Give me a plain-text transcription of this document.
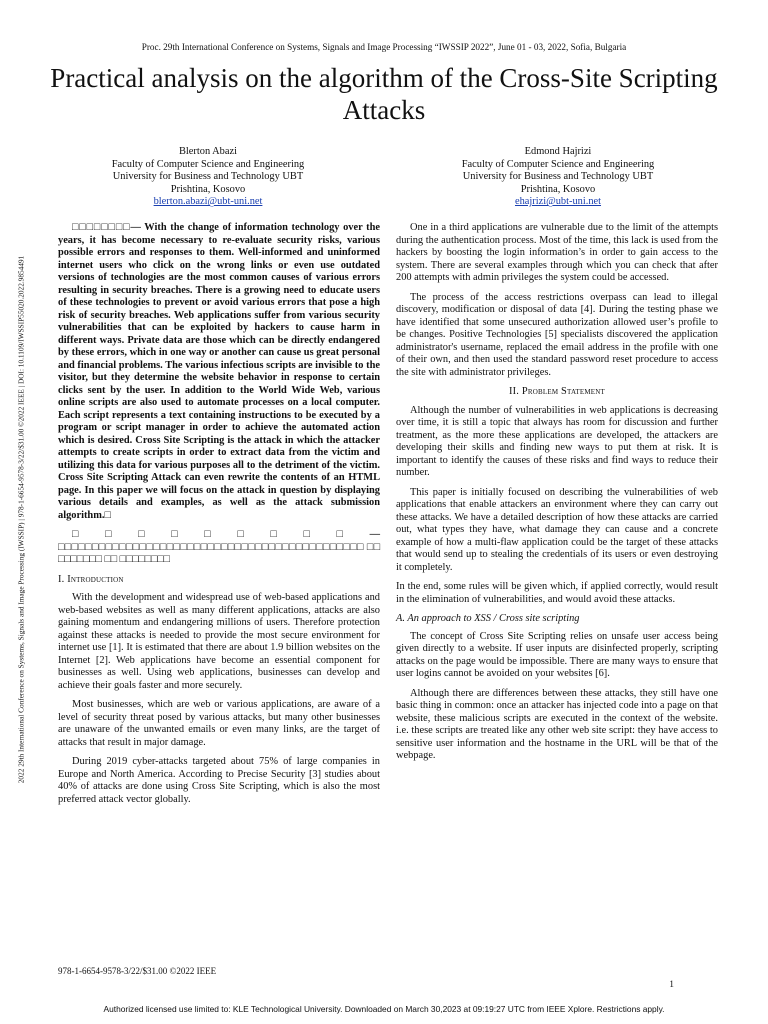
Proc. 29th International Conference on Systems, Signals and Image Processing “IWSSIP 2022”, June 01 - 03, 2022, Sofia, Bulgaria
Practical analysis on the algorithm of the Cross-Site Scripting Attacks
Blerton Abazi
Faculty of Computer Science and Engineering
University for Business and Technology UBT
Prishtina, Kosovo
blerton.abazi@ubt-uni.net
Edmond Hajrizi
Faculty of Computer Science and Engineering
University for Business and Technology UBT
Prishtina, Kosovo
ehajrizi@ubt-uni.net
2022 29th International Conference on Systems, Signals and Image Processing (IWSSIP) | 978-1-6654-9578-3/22/$31.00 ©2022 IEEE | DOI: 10.1109/IWSSIP55020.2022.9854491

□□□□□□□□— With the change of information technology over the years, it has become necessary to re-evaluate security risks, various possible errors and responses to them. Well-informed and uninformed internet users who click on the wrong links or even use outdated versions of technologies are the most common causes of various errors resulting in security breaches. There is a growing need to educate users of these technologies to prevent or avoid various errors that pose a high risk of security breaches. Web applications suffer from various security vulnerabilities that can be exploited by hackers to cause harm in different ways. Private data are those which can be directly endangered by these errors, which in one way or another can cause us great personal and financial problems. The various infectious scripts are invisible to the visitor, but they determine the website behavior in response to certain clicks sent by the user. In addition to the World Wide Web, various online scripts are also used to automate processes on a local computer. Each script represents a text containing instructions to be executed by a program or script manager in order to achieve the automated action which is desired. Cross Site Scripting is the attack in which the attacker attempts to create scripts in order to extract data from the victim and utilizing this data for various purposes all to the detriment of the victim. Cross Site Scripting Attack can even rewrite the contents of an HTML page. In this paper we will focus on the attack in question by displaying various details and examples, as well as the attack submission algorithm.□

□□□□□□□□□—□□□□□□□□□□□□□□□□□□□□□□□□□□□□□□□□□□□□□□□□□□□□□ □□ □□□□□□□ □□ □□□□□□□□

I. Introduction

With the development and widespread use of web-based applications and web-based websites as well as many different applications, attacks are also gaining momentum and endangering millions of users. Therefore protection against these attacks is needed to provide the most secure environment for internet use [1]. It is estimated that there are about 1.9 billion websites on the Internet [2]. Web applications have become an essential component for businesses as well. Using web applications, businesses can develop and achieve their goals faster and more securely.

Most businesses, which are web or various applications, are aware of a level of security threat posed by various attacks, but many other businesses are unaware of the unwanted emails or even many links, are the target of attacks that result in major damage.

During 2019 cyber-attacks targeted about 75% of large companies in Europe and North America. According to Precise Security [3] studies about 40% of attacks are done using Cross Site Scripting, which is also the most preferred attack vector globally.

One in a third applications are vulnerable due to the limit of the attempts during the authentication process. Most of the time, this lack is used from the hackers by boosting the login information’s in order to gain access to the system. There are several examples through which you can check that after 200 attempts with admin privileges the system could be accessed.

The process of the access restrictions overpass can lead to illegal discovery, modification or disposal of data [4]. During the testing phase we have identified that some unsecured authorization allowed user’s profile to be changes. Positive Technologies [5] specialists discovered the application administrator's username, replaced the email address in the profile with one of their own, and then used the standard password reset procedure to access the site with administrator privileges.

II. Problem Statement

Although the number of vulnerabilities in web applications is decreasing over time, it is still a topic that always has room for discussion and further treatment, as the more these applications are developed, the attackers are developing their skills and finding new ways to put them at risk. It is important to identify the causes of these risks and find ways to reduce their number.

This paper is initially focused on describing the vulnerabilities of web applications that enable attackers an environment where they can carry out these attacks. We have a detailed description of how these attacks are carried out, what types they have, what damage they can cause and a concrete example of how a multi-flaw application could be the target of these attacks that would send up to stealing the credentials of its users or even destroying it completely.

In the end, some rules will be given which, if applied correctly, would result in the elimination of vulnerabilities, and would avoid these attacks.

A. An approach to XSS / Cross site scripting

The concept of Cross Site Scripting relies on unsafe user access being given directly to a website. If user inputs are disinfected properly, scripting attacks on the page would be impossible. There are many ways to ensure that user logins cannot be avoided on your websites [6].

Although there are differences between these attacks, they still have one basic thing in common: once an attacker has injected code into a page on that website, these malicious scripts are executed in the context of the website. i.e. these scripts are treated like any other web site script: they have access to sensitive user information and the hostname in the URL will be that of the webpage.

978-1-6654-9578-3/22/$31.00 ©2022 IEEE
1
Authorized licensed use limited to: KLE Technological University. Downloaded on March 30,2023 at 09:19:27 UTC from IEEE Xplore. Restrictions apply.
